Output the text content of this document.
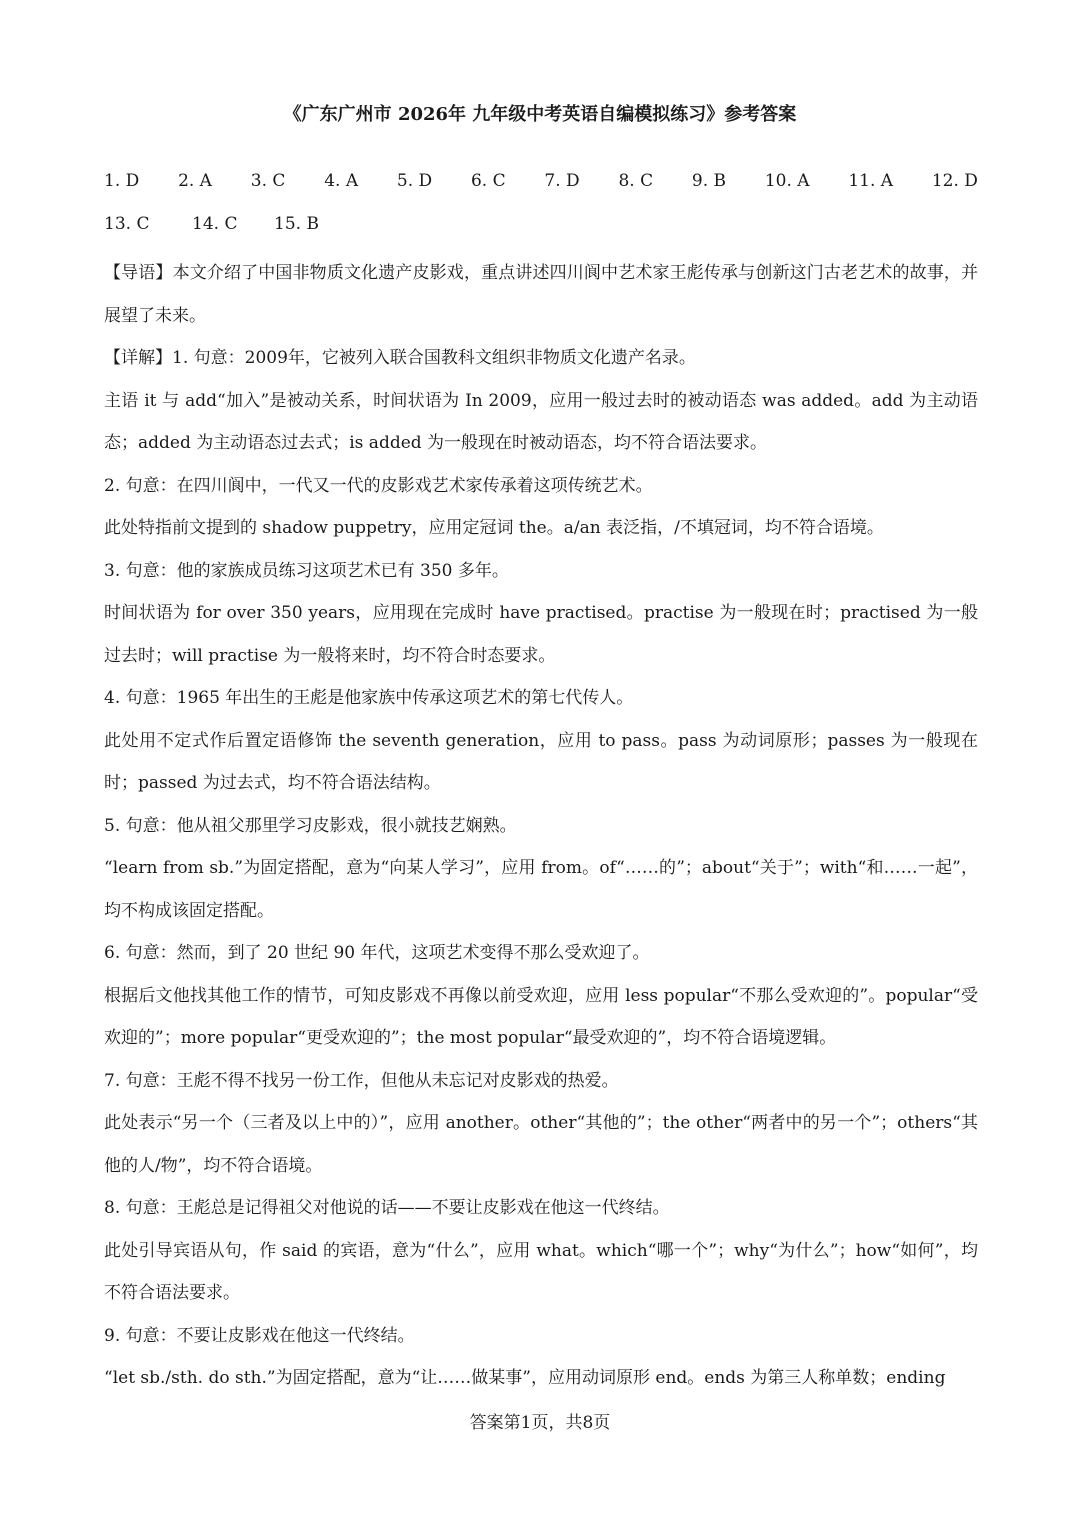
《广东广州市 2026年 九年级中考英语自编模拟练习》参考答案
1. D 2. A 3. C 4. A 5. D 6. C 7. D 8. C 9. B 10. A 11. A 12. D
13. C	14. C	15. B

【导语】本文介绍了中国非物质文化遗产皮影戏，重点讲述四川阆中艺术家王彪传承与创新这门古老艺术的故事，并展望了未来。

【详解】1. 句意：2009年，它被列入联合国教科文组织非物质文化遗产名录。

主语 it 与 add“加入”是被动关系，时间状语为 In 2009，应用一般过去时的被动语态 was added。add 为主动语态；added 为主动语态过去式；is added 为一般现在时被动语态，均不符合语法要求。

2. 句意：在四川阆中，一代又一代的皮影戏艺术家传承着这项传统艺术。

此处特指前文提到的 shadow puppetry，应用定冠词 the。a/an 表泛指，/不填冠词，均不符合语境。

3. 句意：他的家族成员练习这项艺术已有 350 多年。

时间状语为 for over 350 years，应用现在完成时 have practised。practise 为一般现在时；practised 为一般过去时；will practise 为一般将来时，均不符合时态要求。

4. 句意：1965 年出生的王彪是他家族中传承这项艺术的第七代传人。

此处用不定式作后置定语修饰 the seventh generation，应用 to pass。pass 为动词原形；passes 为一般现在时；passed 为过去式，均不符合语法结构。

5. 句意：他从祖父那里学习皮影戏，很小就技艺娴熟。

“learn from sb.”为固定搭配，意为“向某人学习”，应用 from。of“……的”；about“关于”；with“和……一起”，均不构成该固定搭配。

6. 句意：然而，到了 20 世纪 90 年代，这项艺术变得不那么受欢迎了。

根据后文他找其他工作的情节，可知皮影戏不再像以前受欢迎，应用 less popular“不那么受欢迎的”。popular“受欢迎的”；more popular“更受欢迎的”；the most popular“最受欢迎的”，均不符合语境逻辑。

7. 句意：王彪不得不找另一份工作，但他从未忘记对皮影戏的热爱。

此处表示“另一个（三者及以上中的）”，应用 another。other“其他的”；the other“两者中的另一个”；others“其他的人/物”，均不符合语境。

8. 句意：王彪总是记得祖父对他说的话——不要让皮影戏在他这一代终结。

此处引导宾语从句，作 said 的宾语，意为“什么”，应用 what。which“哪一个”；why“为什么”；how“如何”，均不符合语法要求。

9. 句意：不要让皮影戏在他这一代终结。

“let sb./sth. do sth.”为固定搭配，意为“让……做某事”，应用动词原形 end。ends 为第三人称单数；ending

答案第1页，共8页
